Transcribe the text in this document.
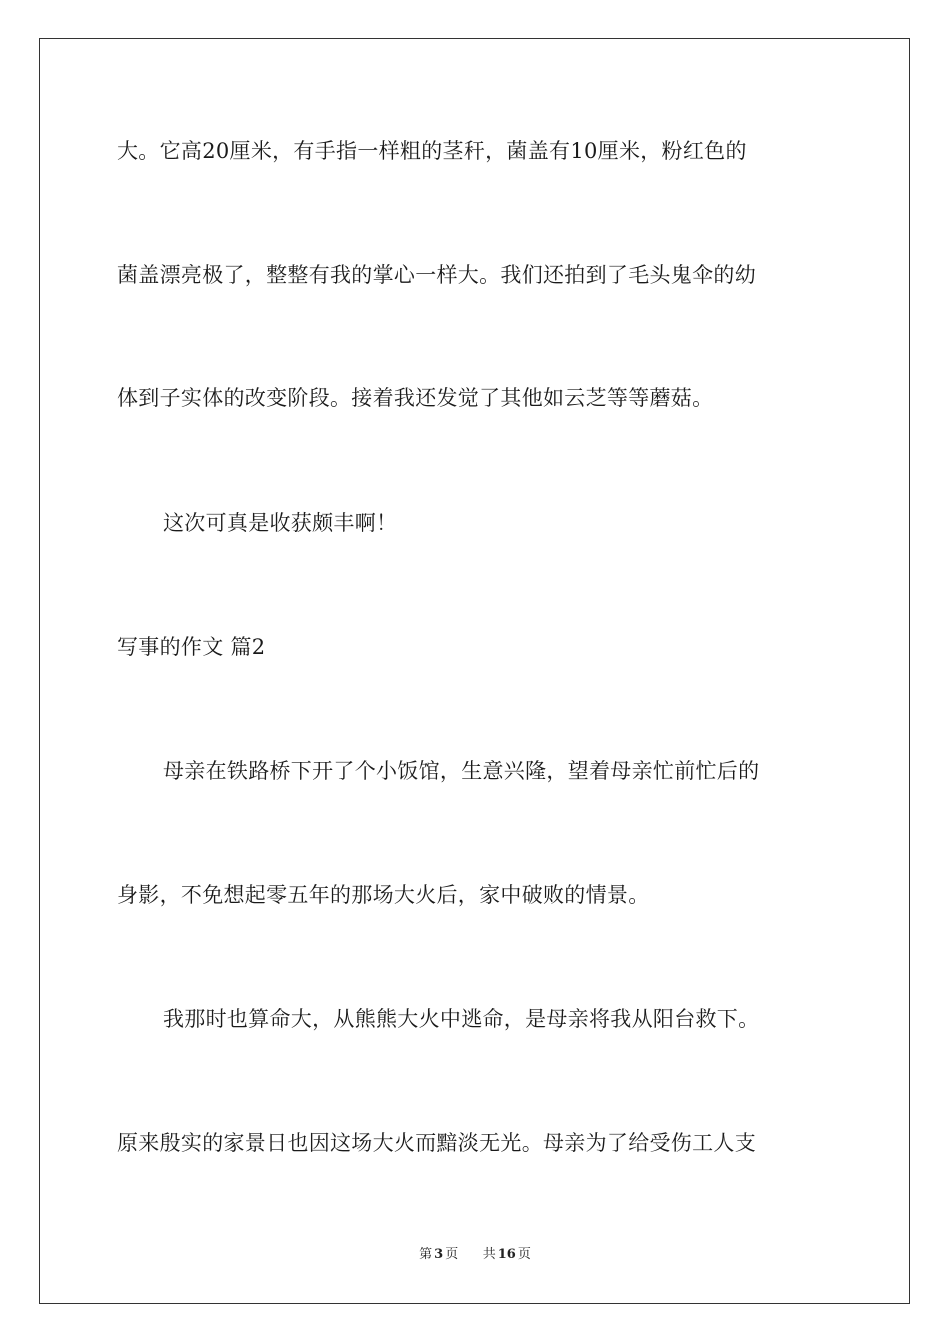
大。它高20厘米，有手指一样粗的茎秆，菌盖有10厘米，粉红色的
菌盖漂亮极了，整整有我的掌心一样大。我们还拍到了毛头鬼伞的幼
体到子实体的改变阶段。接着我还发觉了其他如云芝等等蘑菇。
这次可真是收获颇丰啊！
写事的作文 篇2
母亲在铁路桥下开了个小饭馆，生意兴隆，望着母亲忙前忙后的
身影，不免想起零五年的那场大火后，家中破败的情景。
我那时也算命大，从熊熊大火中逃命，是母亲将我从阳台救下。
原来殷实的家景日也因这场大火而黯淡无光。母亲为了给受伤工人支
第 3 页 共 16 页
